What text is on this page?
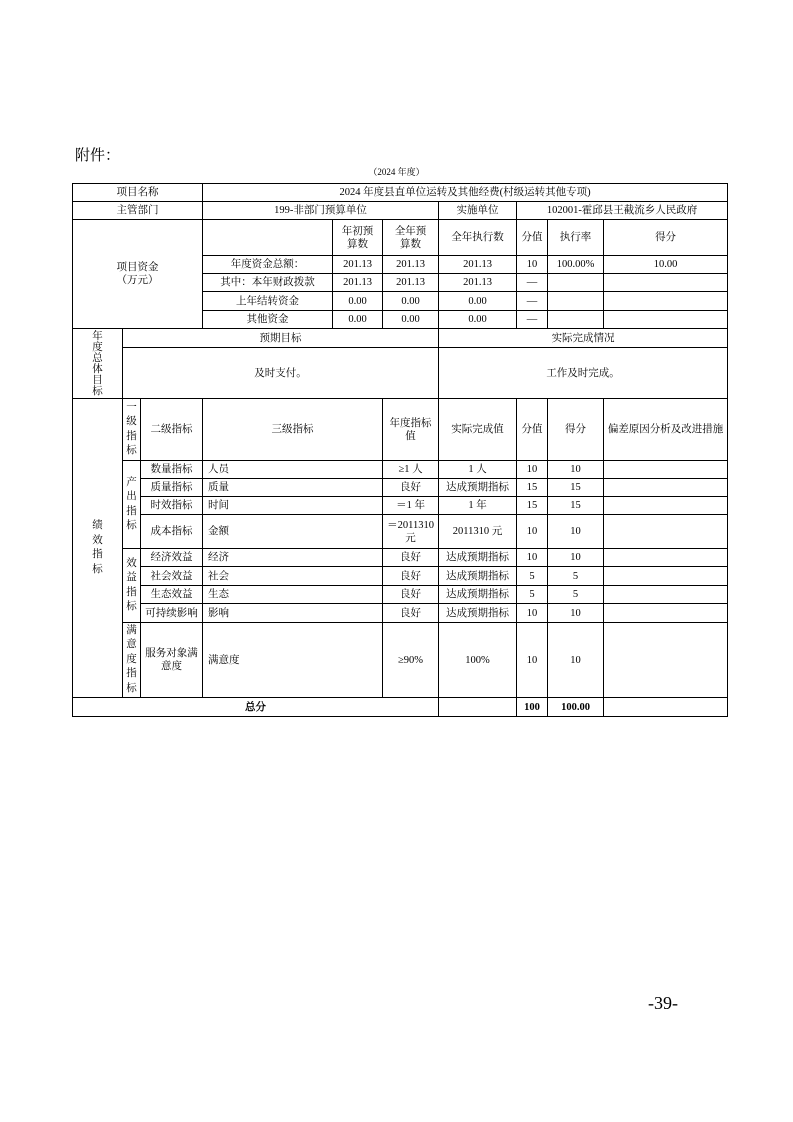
附件：
（2024 年度）
项目名称			2024 年度县直单位运转及其他经费(村级运转其他专项)						
主管部门			199-非部门预算单位			实施单位	102001-霍邱县王截流乡人民政府		

项目资金
（万元）				年初预算数	全年预算数	全年执行数	分值	执行率	得分
			年度资金总额：	201.13	201.13	201.13	10	100.00%	10.00
			其中：本年财政拨款	201.13	201.13	201.13	—		
			上年结转资金	0.00	0.00	0.00	—		
			其他资金	0.00	0.00	0.00	—		
年度总体目标	预期目标					实际完成情况			
	及时支付。					工作及时完成。			
绩效指标	一级指标	二级指标	三级指标		年度指标值	实际完成值	分值	得分	偏差原因分析及改进措施
	产出指标	数量指标	人员		≥1 人	1 人	10	10	
		质量指标	质量		良好	达成预期指标	15	15	
		时效指标	时间		＝1 年	1 年	15	15	
		成本指标	金额		＝2011310元	2011310 元	10	10	
	效益指标	经济效益	经济		良好	达成预期指标	10	10	
		社会效益	社会		良好	达成预期指标	5	5	
		生态效益	生态		良好	达成预期指标	5	5	
		可持续影响	影响		良好	达成预期指标	10	10	
	满意度指标	服务对象满意度	满意度		≥90%	100%	10	10	
总分							100	100.00	
-39-
